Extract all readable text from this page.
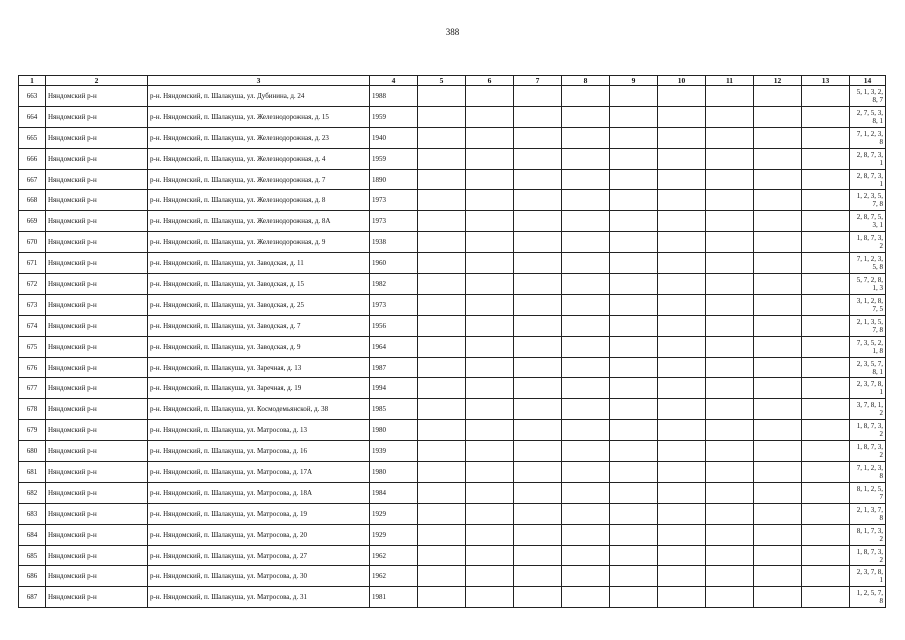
388
1	2	3	4	5	6	7	8	9	10	11	12	13	14
663	Няндомский р-н	р-н. Няндомский, п. Шалакуша, ул. Дубинина, д. 24	1988										5, 1, 3, 2, 8, 7
664	Няндомский р-н	р-н. Няндомский, п. Шалакуша, ул. Железнодорожная, д. 15	1959										2, 7, 5, 3, 8, 1
665	Няндомский р-н	р-н. Няндомский, п. Шалакуша, ул. Железнодорожная, д. 23	1940										7, 1, 2, 3, 8
666	Няндомский р-н	р-н. Няндомский, п. Шалакуша, ул. Железнодорожная, д. 4	1959										2, 8, 7, 3, 1
667	Няндомский р-н	р-н. Няндомский, п. Шалакуша, ул. Железнодорожная, д. 7	1890										2, 8, 7, 3, 1
668	Няндомский р-н	р-н. Няндомский, п. Шалакуша, ул. Железнодорожная, д. 8	1973										1, 2, 3, 5, 7, 8
669	Няндомский р-н	р-н. Няндомский, п. Шалакуша, ул. Железнодорожная, д. 8А	1973										2, 8, 7, 5, 3, 1
670	Няндомский р-н	р-н. Няндомский, п. Шалакуша, ул. Железнодорожная, д. 9	1938										1, 8, 7, 3, 2
671	Няндомский р-н	р-н. Няндомский, п. Шалакуша, ул. Заводская, д. 11	1960										7, 1, 2, 3, 5, 8
672	Няндомский р-н	р-н. Няндомский, п. Шалакуша, ул. Заводская, д. 15	1982										5, 7, 2, 8, 1, 3
673	Няндомский р-н	р-н. Няндомский, п. Шалакуша, ул. Заводская, д. 25	1973										3, 1, 2, 8, 7, 5
674	Няндомский р-н	р-н. Няндомский, п. Шалакуша, ул. Заводская, д. 7	1956										2, 1, 3, 5, 7, 8
675	Няндомский р-н	р-н. Няндомский, п. Шалакуша, ул. Заводская, д. 9	1964										7, 3, 5, 2, 1, 8
676	Няндомский р-н	р-н. Няндомский, п. Шалакуша, ул. Заречная, д. 13	1987										2, 3, 5, 7, 8, 1
677	Няндомский р-н	р-н. Няндомский, п. Шалакуша, ул. Заречная, д. 19	1994										2, 3, 7, 8, 1
678	Няндомский р-н	р-н. Няндомский, п. Шалакуша, ул. Космодемьянской, д. 38	1985										3, 7, 8, 1, 2
679	Няндомский р-н	р-н. Няндомский, п. Шалакуша, ул. Матросова, д. 13	1980										1, 8, 7, 3, 2
680	Няндомский р-н	р-н. Няндомский, п. Шалакуша, ул. Матросова, д. 16	1939										1, 8, 7, 3, 2
681	Няндомский р-н	р-н. Няндомский, п. Шалакуша, ул. Матросова, д. 17А	1980										7, 1, 2, 3, 8
682	Няндомский р-н	р-н. Няндомский, п. Шалакуша, ул. Матросова, д. 18А	1984										8, 1, 2, 5, 7
683	Няндомский р-н	р-н. Няндомский, п. Шалакуша, ул. Матросова, д. 19	1929										2, 1, 3, 7, 8
684	Няндомский р-н	р-н. Няндомский, п. Шалакуша, ул. Матросова, д. 20	1929										8, 1, 7, 3, 2
685	Няндомский р-н	р-н. Няндомский, п. Шалакуша, ул. Матросова, д. 27	1962										1, 8, 7, 3, 2
686	Няндомский р-н	р-н. Няндомский, п. Шалакуша, ул. Матросова, д. 30	1962										2, 3, 7, 8, 1
687	Няндомский р-н	р-н. Няндомский, п. Шалакуша, ул. Матросова, д. 31	1981										1, 2, 5, 7, 8
